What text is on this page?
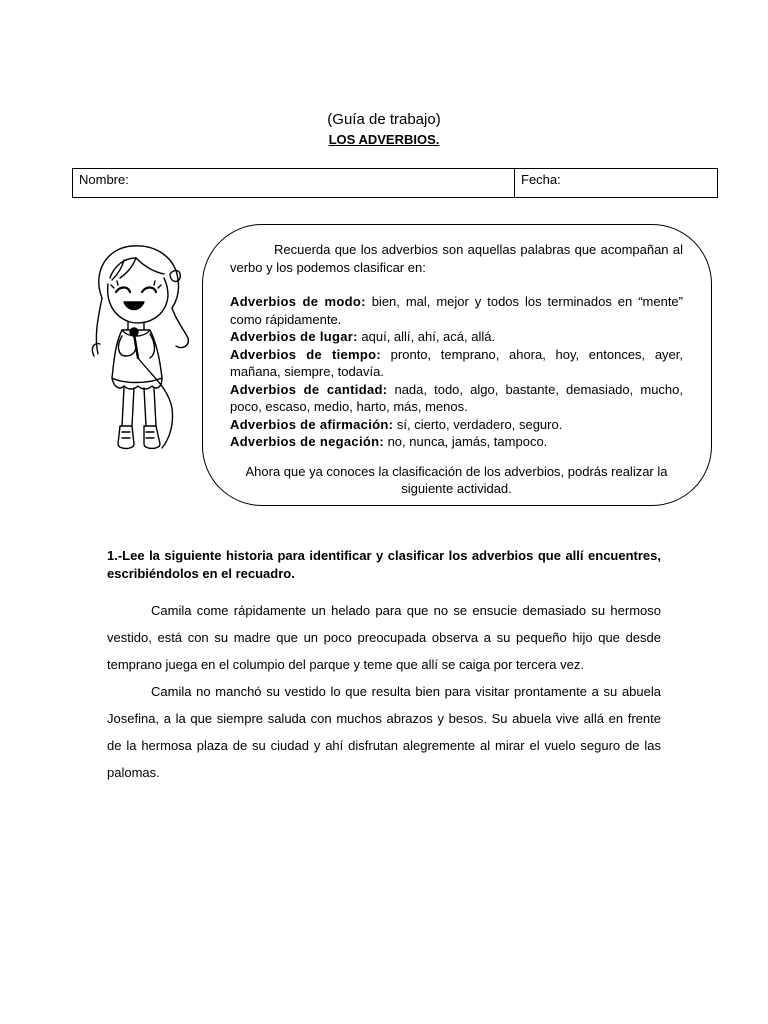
(Guía de trabajo)
LOS ADVERBIOS.
Nombre:	Fecha:

Recuerda que los adverbios son aquellas palabras que acompañan al verbo y los podemos clasificar en:

Adverbios de modo: bien, mal, mejor y todos los terminados en “mente” como rápidamente.

Adverbios de lugar: aquí, allí, ahí, acá, allá.

Adverbios de tiempo: pronto, temprano, ahora, hoy, entonces, ayer, mañana, siempre, todavía.

Adverbios de cantidad: nada, todo, algo, bastante, demasiado, mucho, poco, escaso, medio, harto, más, menos.

Adverbios de afirmación: sí, cierto, verdadero, seguro.

Adverbios de negación: no, nunca, jamás, tampoco.

Ahora que ya conoces la clasificación de los adverbios, podrás realizar la siguiente actividad.

1.-Lee la siguiente historia para identificar y clasificar los adverbios que allí encuentres, escribiéndolos en el recuadro.

Camila come rápidamente un helado para que no se ensucie demasiado su hermoso vestido, está con su madre que un poco preocupada observa a su pequeño hijo que desde temprano juega en el columpio del parque y teme que allí se caiga por tercera vez.

Camila no manchó su vestido lo que resulta bien para visitar prontamente a su abuela Josefina, a la que siempre saluda con muchos abrazos y besos. Su abuela vive allá en frente de la hermosa plaza de su ciudad y ahí disfrutan alegremente al mirar el vuelo seguro de las palomas.
